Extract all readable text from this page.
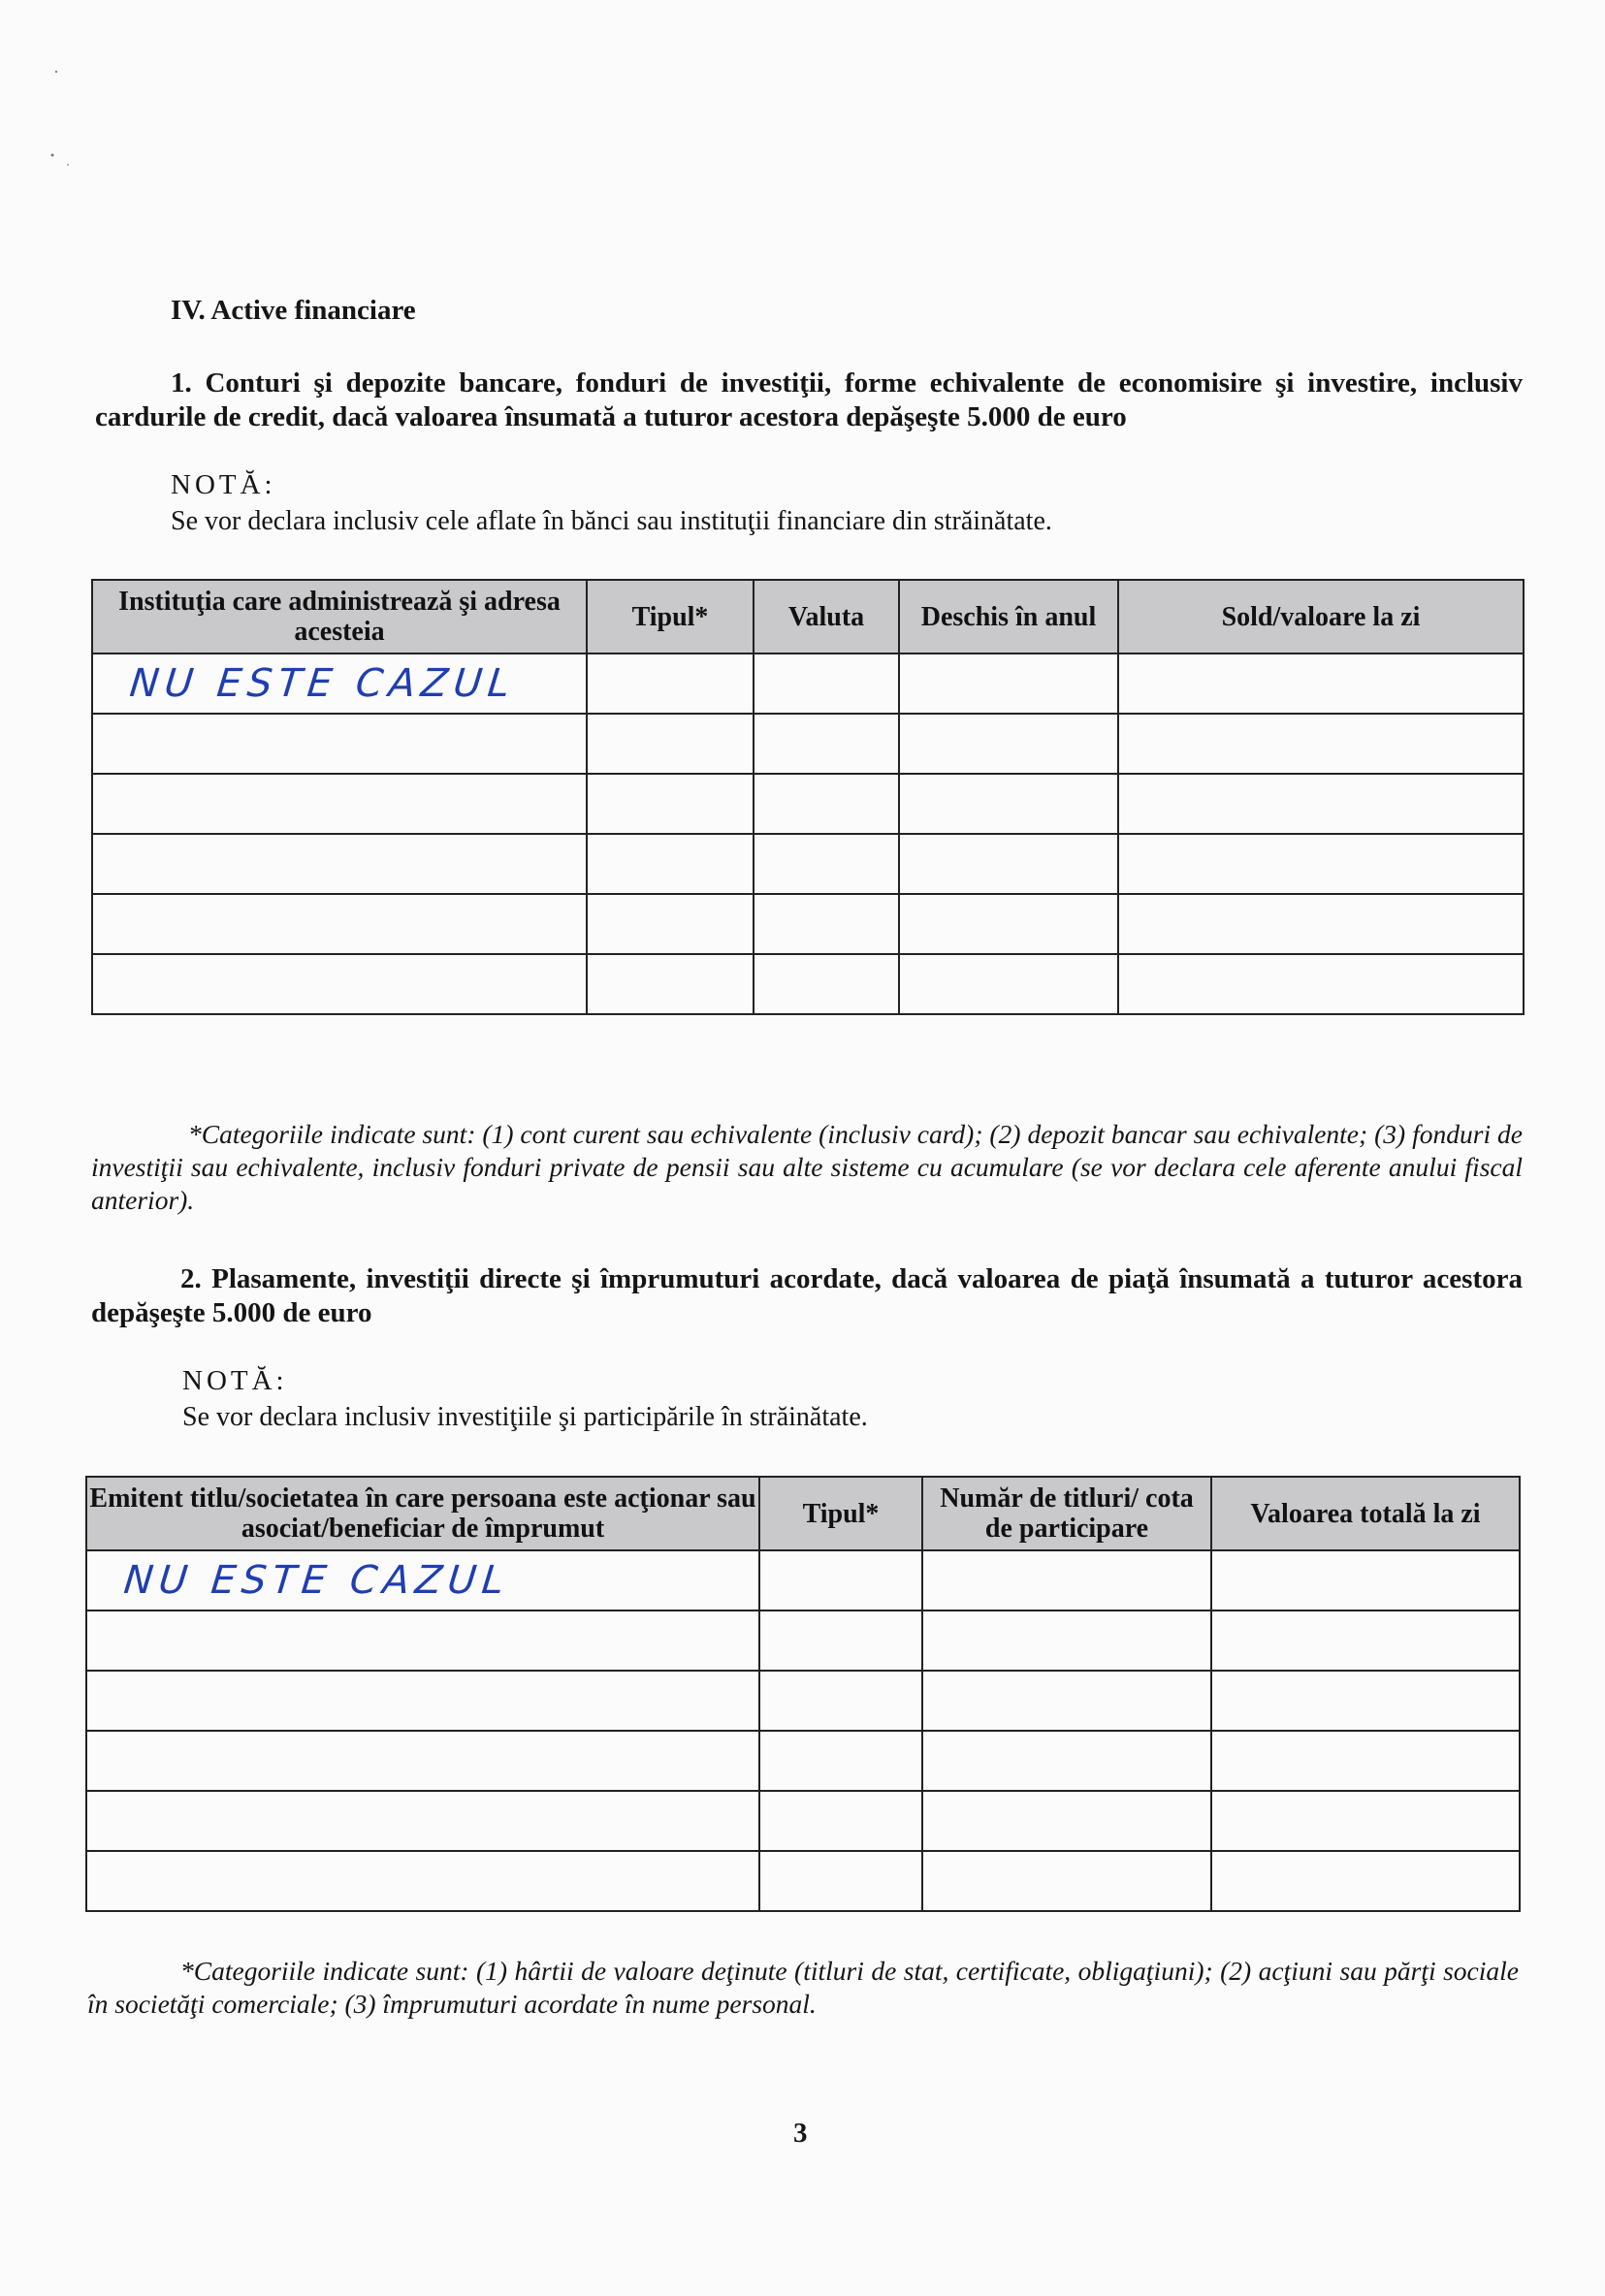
IV. Active financiare
1. Conturi şi depozite bancare, fonduri de investiţii, forme echivalente de economisire şi investire, inclusiv cardurile de credit, dacă valoarea însumată a tuturor acestora depăşeşte 5.000 de euro
NOTĂ:
Se vor declara inclusiv cele aflate în bănci sau instituţii financiare din străinătate.
Instituţia care administrează şi adresa acesteia	Tipul*	Valuta	Deschis în anul	Sold/valoare la zi
NU ESTE CAZUL				

*Categoriile indicate sunt: (1) cont curent sau echivalente (inclusiv card); (2) depozit bancar sau echivalente; (3) fonduri de investiţii sau echivalente, inclusiv fonduri private de pensii sau alte sisteme cu acumulare (se vor declara cele aferente anului fiscal anterior).
2. Plasamente, investiţii directe şi împrumuturi acordate, dacă valoarea de piaţă însumată a tuturor acestora depăşeşte 5.000 de euro
NOTĂ:
Se vor declara inclusiv investiţiile şi participările în străinătate.
Emitent titlu/societatea în care persoana este acţionar sau asociat/beneficiar de împrumut	Tipul*	Număr de titluri/ cota de participare	Valoarea totală la zi
NU ESTE CAZUL			

*Categoriile indicate sunt: (1) hârtii de valoare deţinute (titluri de stat, certificate, obligaţiuni); (2) acţiuni sau părţi sociale în societăţi comerciale; (3) împrumuturi acordate în nume personal.
3
